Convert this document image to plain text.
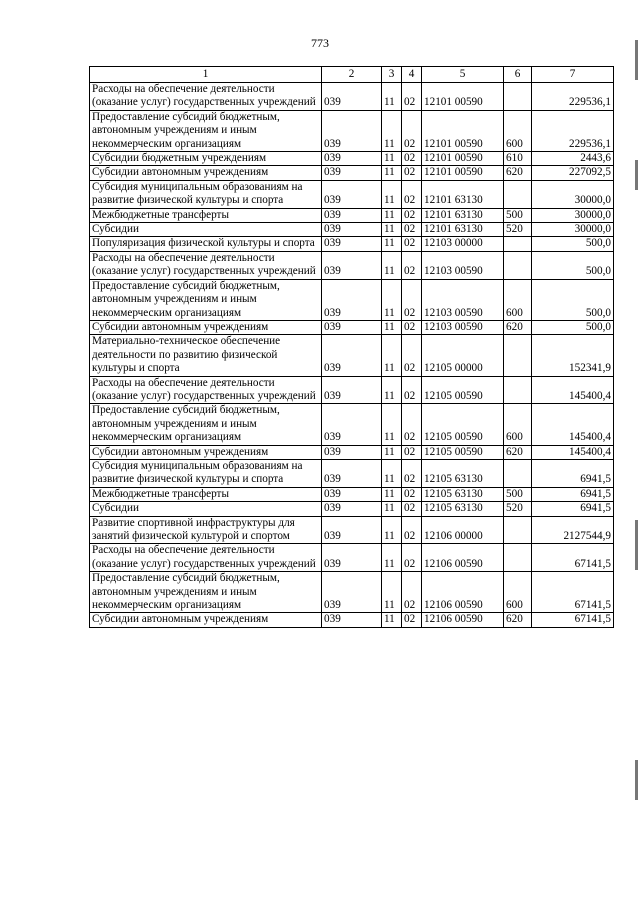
773
1	2	3	4	5	6	7
Расходы на обеспечение деятельности (оказание услуг) государственных учреждений	039	11	02	12101 00590		229536,1
Предоставление субсидий бюджетным, автономным учреждениям и иным некоммерческим организациям	039	11	02	12101 00590	600	229536,1
Субсидии бюджетным учреждениям	039	11	02	12101 00590	610	2443,6
Субсидии автономным учреждениям	039	11	02	12101 00590	620	227092,5
Субсидия муниципальным образованиям на развитие физической культуры и спорта	039	11	02	12101 63130		30000,0
Межбюджетные трансферты	039	11	02	12101 63130	500	30000,0
Субсидии	039	11	02	12101 63130	520	30000,0
Популяризация физической культуры и спорта	039	11	02	12103 00000		500,0
Расходы на обеспечение деятельности (оказание услуг) государственных учреждений	039	11	02	12103 00590		500,0
Предоставление субсидий бюджетным, автономным учреждениям и иным некоммерческим организациям	039	11	02	12103 00590	600	500,0
Субсидии автономным учреждениям	039	11	02	12103 00590	620	500,0
Материально-техническое обеспечение деятельности по развитию физической культуры и спорта	039	11	02	12105 00000		152341,9
Расходы на обеспечение деятельности (оказание услуг) государственных учреждений	039	11	02	12105 00590		145400,4
Предоставление субсидий бюджетным, автономным учреждениям и иным некоммерческим организациям	039	11	02	12105 00590	600	145400,4
Субсидии автономным учреждениям	039	11	02	12105 00590	620	145400,4
Субсидия муниципальным образованиям на развитие физической культуры и спорта	039	11	02	12105 63130		6941,5
Межбюджетные трансферты	039	11	02	12105 63130	500	6941,5
Субсидии	039	11	02	12105 63130	520	6941,5
Развитие спортивной инфраструктуры для занятий физической культурой и спортом	039	11	02	12106 00000		2127544,9
Расходы на обеспечение деятельности (оказание услуг) государственных учреждений	039	11	02	12106 00590		67141,5
Предоставление субсидий бюджетным, автономным учреждениям и иным некоммерческим организациям	039	11	02	12106 00590	600	67141,5
Субсидии автономным учреждениям	039	11	02	12106 00590	620	67141,5
